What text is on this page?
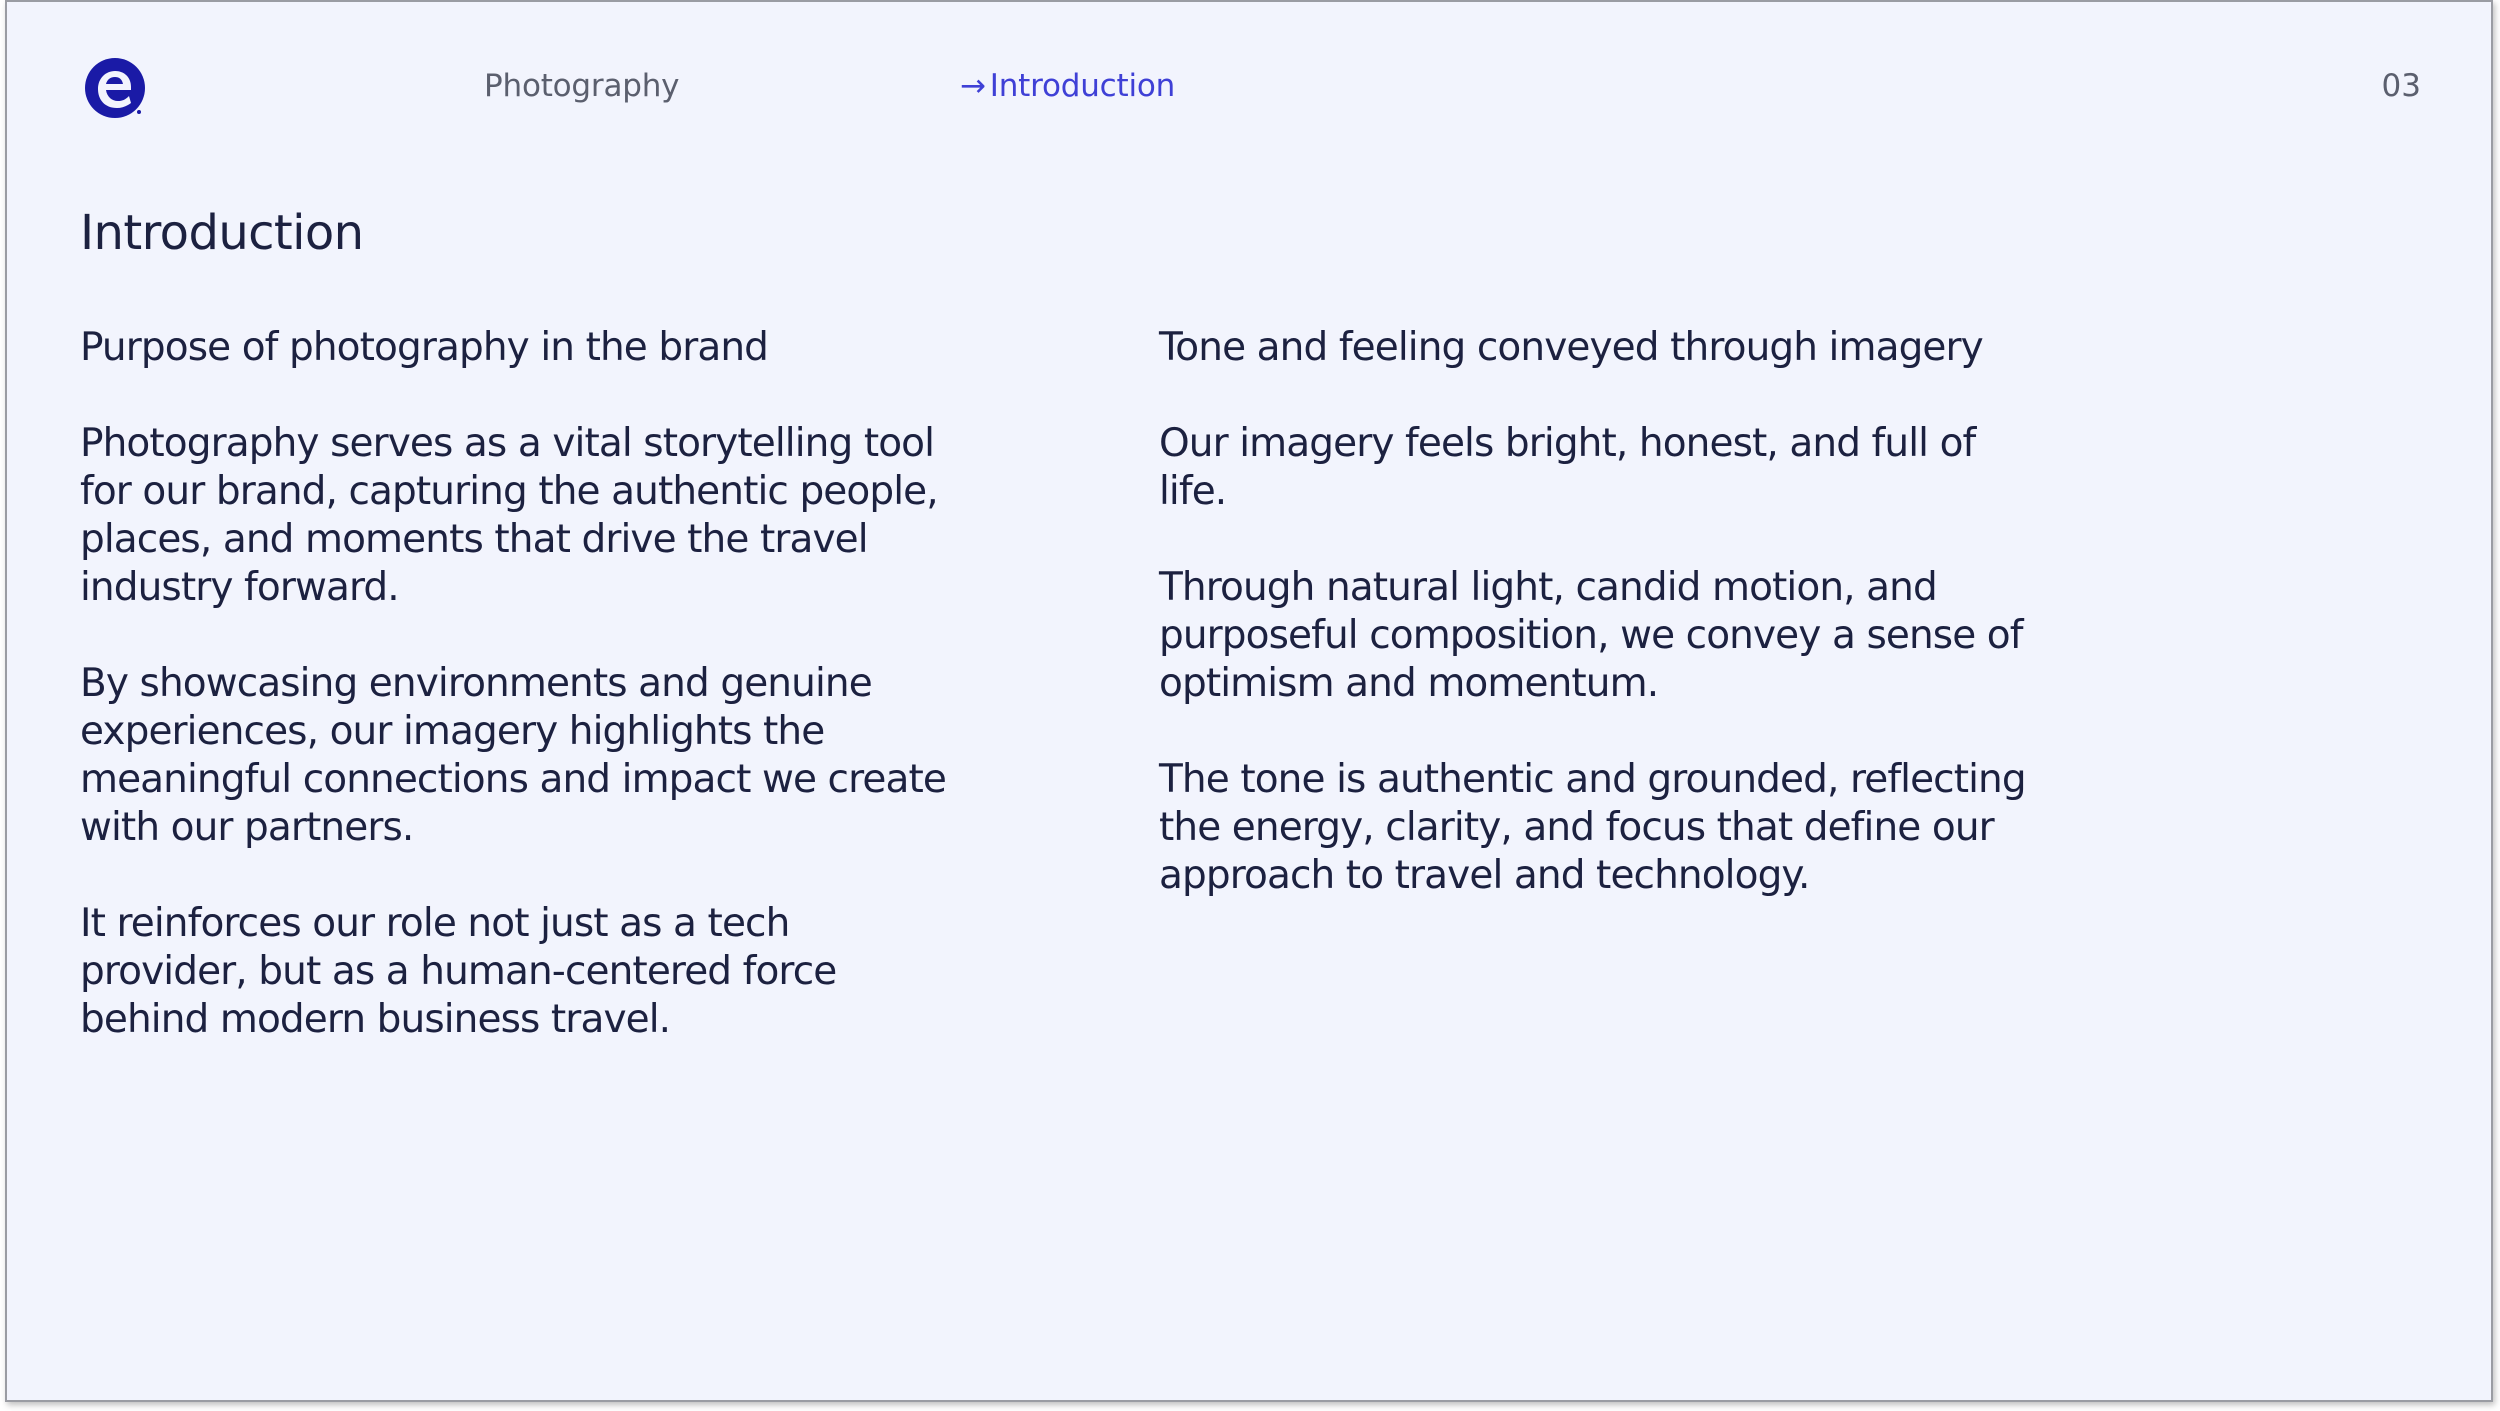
Photography	→ Introduction	03
Introduction
Purpose of photography in the brand

Photography serves as a vital storytelling tool for our brand, capturing the authentic people, places, and moments that drive the travel industry forward.

By showcasing environments and genuine experiences, our imagery highlights the meaningful connections and impact we create with our partners.

It reinforces our role not just as a tech provider, but as a human-centered force behind modern business travel.

Tone and feeling conveyed through imagery

Our imagery feels bright, honest, and full of life.

Through natural light, candid motion, and purposeful composition, we convey a sense of optimism and momentum.

The tone is authentic and grounded, reflecting the energy, clarity, and focus that define our approach to travel and technology.
